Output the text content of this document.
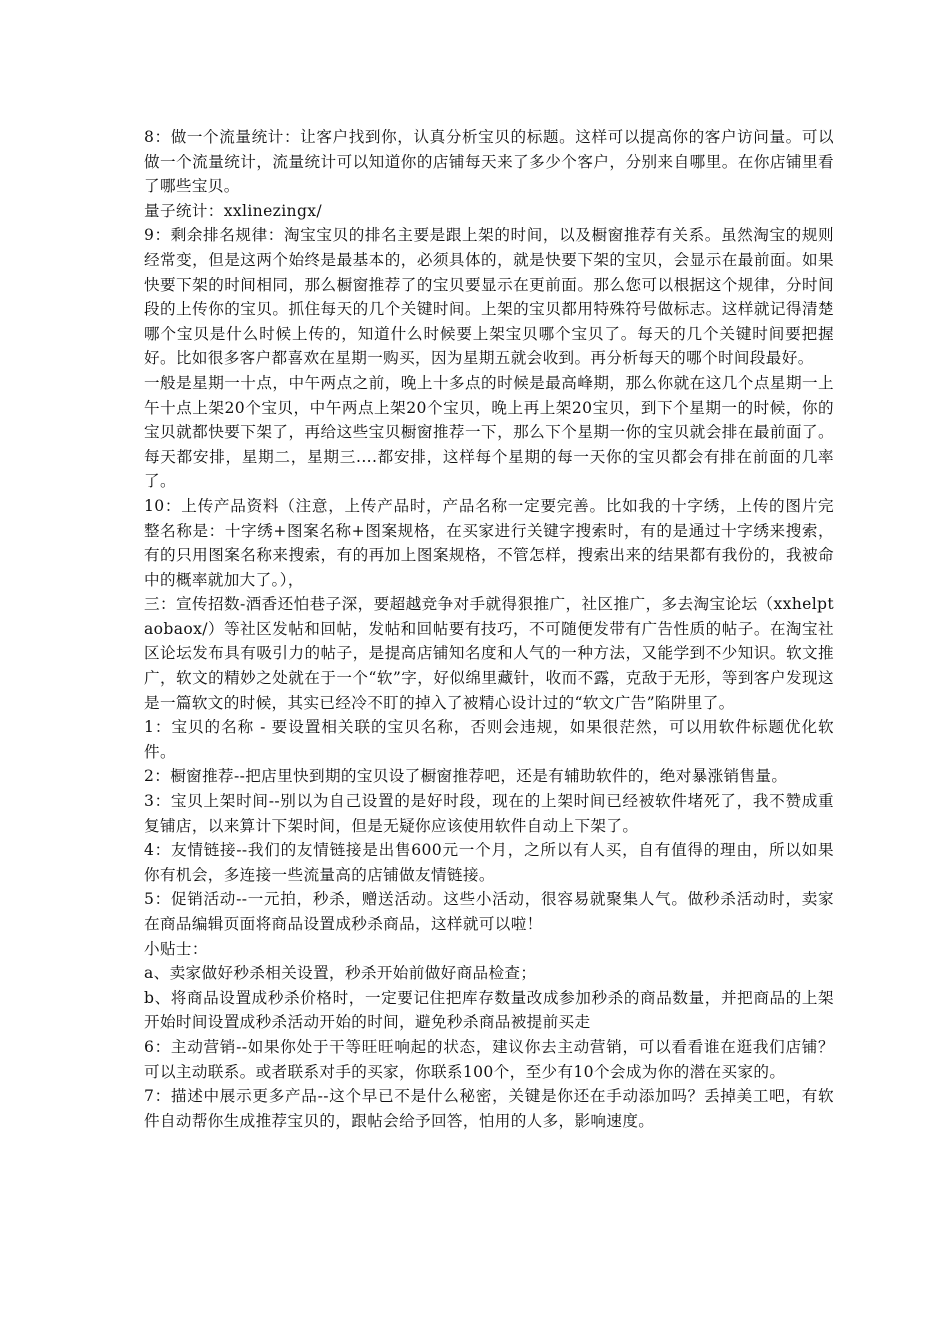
8：做一个流量统计：让客户找到你，认真分析宝贝的标题。这样可以提高你的客户访问量。可以做一个流量统计，流量统计可以知道你的店铺每天来了多少个客户，分别来自哪里。在你店铺里看了哪些宝贝。

量子统计：xxlinezingx/

9：剩余排名规律：淘宝宝贝的排名主要是跟上架的时间，以及橱窗推荐有关系。虽然淘宝的规则经常变，但是这两个始终是最基本的，必须具体的，就是快要下架的宝贝，会显示在最前面。如果快要下架的时间相同，那么橱窗推荐了的宝贝要显示在更前面。那么您可以根据这个规律，分时间段的上传你的宝贝。抓住每天的几个关键时间。上架的宝贝都用特殊符号做标志。这样就记得清楚哪个宝贝是什么时候上传的，知道什么时候要上架宝贝哪个宝贝了。每天的几个关键时间要把握好。比如很多客户都喜欢在星期一购买，因为星期五就会收到。再分析每天的哪个时间段最好。

一般是星期一十点，中午两点之前，晚上十多点的时候是最高峰期，那么你就在这几个点星期一上午十点上架20个宝贝，中午两点上架20个宝贝，晚上再上架20宝贝，到下个星期一的时候，你的宝贝就都快要下架了，再给这些宝贝橱窗推荐一下，那么下个星期一你的宝贝就会排在最前面了。每天都安排，星期二，星期三....都安排，这样每个星期的每一天你的宝贝都会有排在前面的几率了。

10：上传产品资料（注意，上传产品时，产品名称一定要完善。比如我的十字绣，上传的图片完整名称是：十字绣+图案名称+图案规格，在买家进行关键字搜索时，有的是通过十字绣来搜索，有的只用图案名称来搜索，有的再加上图案规格，不管怎样，搜索出来的结果都有我份的，我被命中的概率就加大了。），

三：宣传招数-酒香还怕巷子深，要超越竞争对手就得狠推广，社区推广，多去淘宝论坛（xxhelptaobaox/）等社区发帖和回帖，发帖和回帖要有技巧，不可随便发带有广告性质的帖子。在淘宝社区论坛发布具有吸引力的帖子，是提高店铺知名度和人气的一种方法，又能学到不少知识。软文推广，软文的精妙之处就在于一个“软”字，好似绵里藏针，收而不露，克敌于无形，等到客户发现这是一篇软文的时候，其实已经冷不盯的掉入了被精心设计过的“软文广告”陷阱里了。

1：宝贝的名称 - 要设置相关联的宝贝名称，否则会违规，如果很茫然，可以用软件标题优化软件。

2：橱窗推荐--把店里快到期的宝贝设了橱窗推荐吧，还是有辅助软件的，绝对暴涨销售量。

3：宝贝上架时间--别以为自己设置的是好时段，现在的上架时间已经被软件堵死了，我不赞成重复铺店，以来算计下架时间，但是无疑你应该使用软件自动上下架了。

4：友情链接--我们的友情链接是出售600元一个月，之所以有人买，自有值得的理由，所以如果你有机会，多连接一些流量高的店铺做友情链接。

5：促销活动--一元拍，秒杀，赠送活动。这些小活动，很容易就聚集人气。做秒杀活动时，卖家在商品编辑页面将商品设置成秒杀商品，这样就可以啦！

小贴士：

a、卖家做好秒杀相关设置，秒杀开始前做好商品检查；

b、将商品设置成秒杀价格时，一定要记住把库存数量改成参加秒杀的商品数量，并把商品的上架开始时间设置成秒杀活动开始的时间，避免秒杀商品被提前买走

6：主动营销--如果你处于干等旺旺响起的状态，建议你去主动营销，可以看看谁在逛我们店铺？可以主动联系。或者联系对手的买家，你联系100个，至少有10个会成为你的潜在买家的。

7：描述中展示更多产品--这个早已不是什么秘密，关键是你还在手动添加吗？丢掉美工吧，有软件自动帮你生成推荐宝贝的，跟帖会给予回答，怕用的人多，影响速度。
